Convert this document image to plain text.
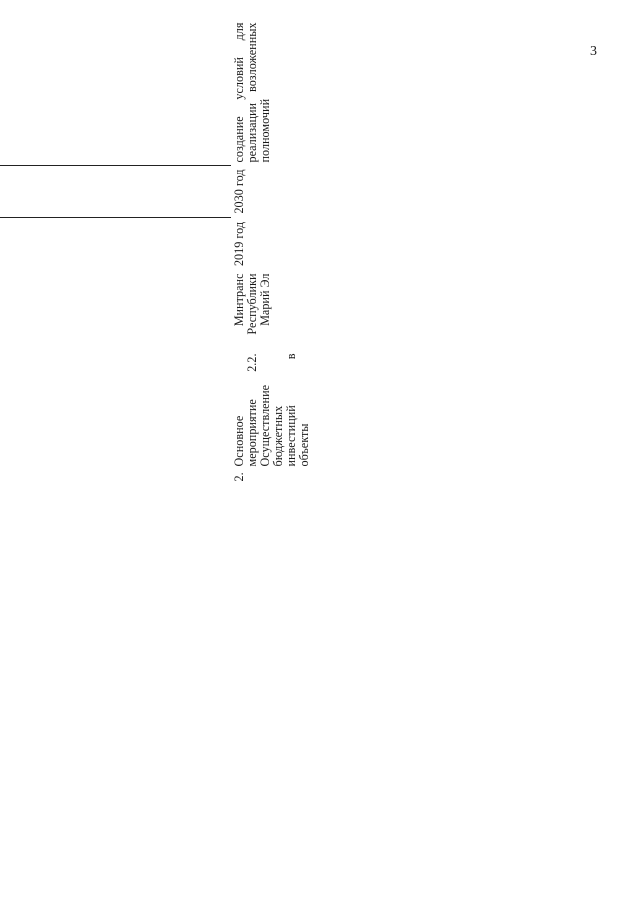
3

2.	Основное мероприятие 2.2. Осуществление бюджетных инвестиций в объекты	Минтранс Республики Марий Эл	2019 год	2030 год	создание условий для реализации возложенных полномочий		
